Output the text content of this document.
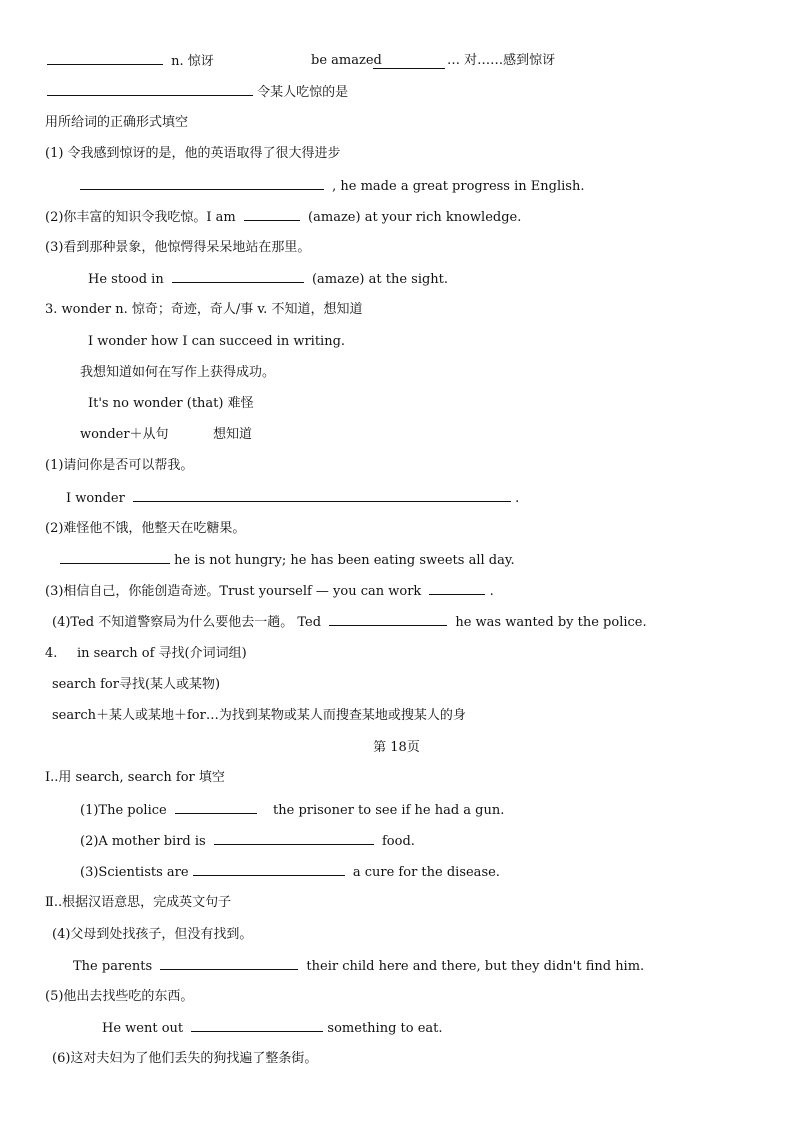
n. 惊讶	be amazed	… 对……感到惊讶
令某人吃惊的是
用所给词的正确形式填空
(1) 令我感到惊讶的是，他的英语取得了很大得进步
, he made a great progress in English.
(2)你丰富的知识令我吃惊。I am	(amaze) at your rich knowledge.
(3)看到那种景象，他惊愕得呆呆地站在那里。
He stood in	(amaze) at the sight.
3. wonder n. 惊奇；奇迹，奇人/事 v. 不知道，想知道
I wonder how I can succeed in writing.
我想知道如何在写作上获得成功。
It's no wonder (that) 难怪
wonder＋从句	想知道
(1)请问你是否可以帮我。
I wonder	.
(2)难怪他不饿，他整天在吃糖果。
he is not hungry; he has been eating sweets all day.
(3)相信自己，你能创造奇迹。Trust yourself — you can work	.
(4)Ted 不知道警察局为什么要他去一趟。 Ted	he was wanted by the police.
4. in search of 寻找(介词词组)
search for寻找(某人或某物)
search＋某人或某地＋for…为找到某物或某人而搜查某地或搜某人的身
第 18页
Ⅰ..用 search, search for 填空
(1)The police	the prisoner to see if he had a gun.
(2)A mother bird is	food.
(3)Scientists are	a cure for the disease.
Ⅱ..根据汉语意思，完成英文句子
(4)父母到处找孩子，但没有找到。
The parents	their child here and there, but they didn't find him.
(5)他出去找些吃的东西。
He went out	something to eat.
(6)这对夫妇为了他们丢失的狗找遍了整条街。
